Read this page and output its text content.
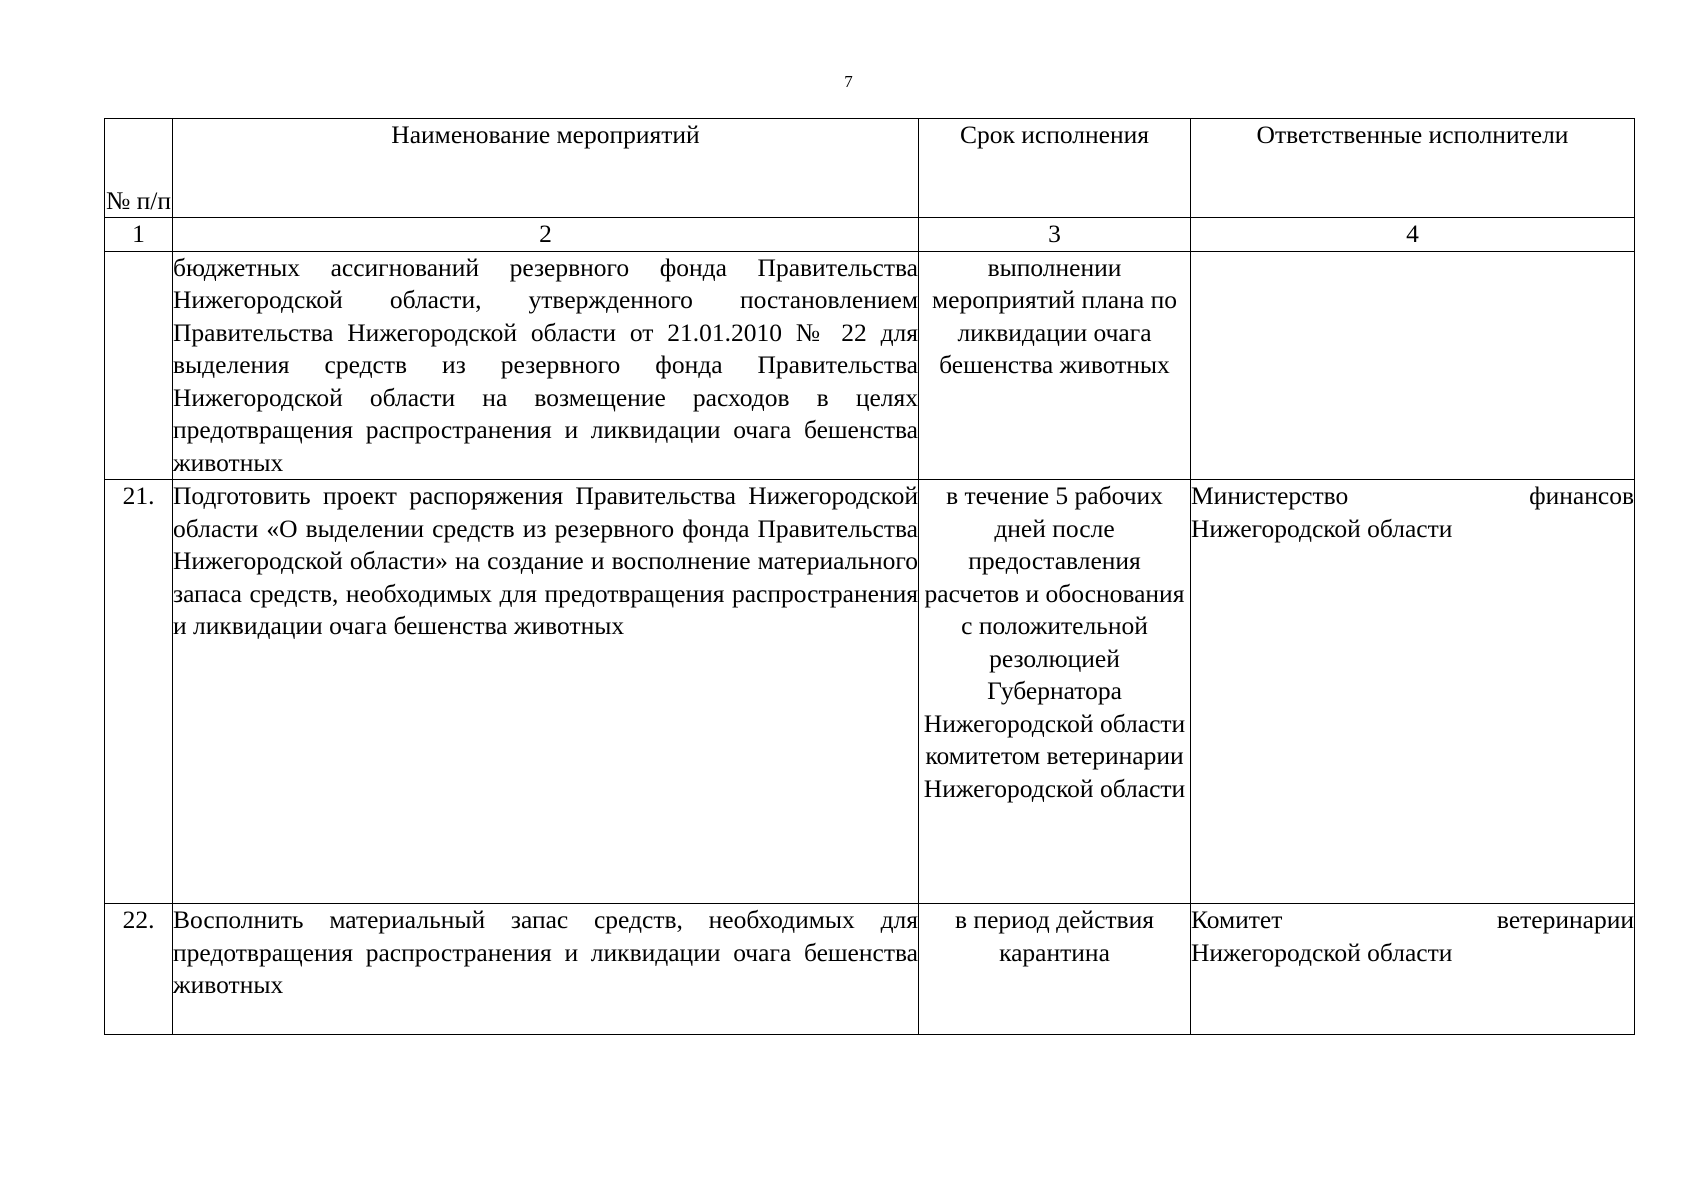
7
№ п/п	Наименование мероприятий	Срок исполнения	Ответственные исполнители
1	2	3	4
	бюджетных ассигнований резервного фонда Правительства Нижегородской области, утвержденного постановлением Правительства Нижегородской области от 21.01.2010 № 22 для выделения средств из резервного фонда Правительства Нижегородской области на возмещение расходов в целях предотвращения распространения и ликвидации очага бешенства животных	выполнении мероприятий плана по ликвидации очага бешенства животных	

21.	Подготовить проект распоряжения Правительства Нижегородской области «О выделении средств из резервного фонда Правительства Нижегородской области» на создание и восполнение материального запаса средств, необходимых для предотвращения распространения и ликвидации очага бешенства животных	в течение 5 рабочих дней после предоставления расчетов и обоснования с положительной резолюцией Губернатора Нижегородской области комитетом ветеринарии Нижегородской области	Министерство финансов
Нижегородской области
22.	Восполнить материальный запас средств, необходимых для предотвращения распространения и ликвидации очага бешенства животных	в период действия карантина	Комитет ветеринарии
Нижегородской области
